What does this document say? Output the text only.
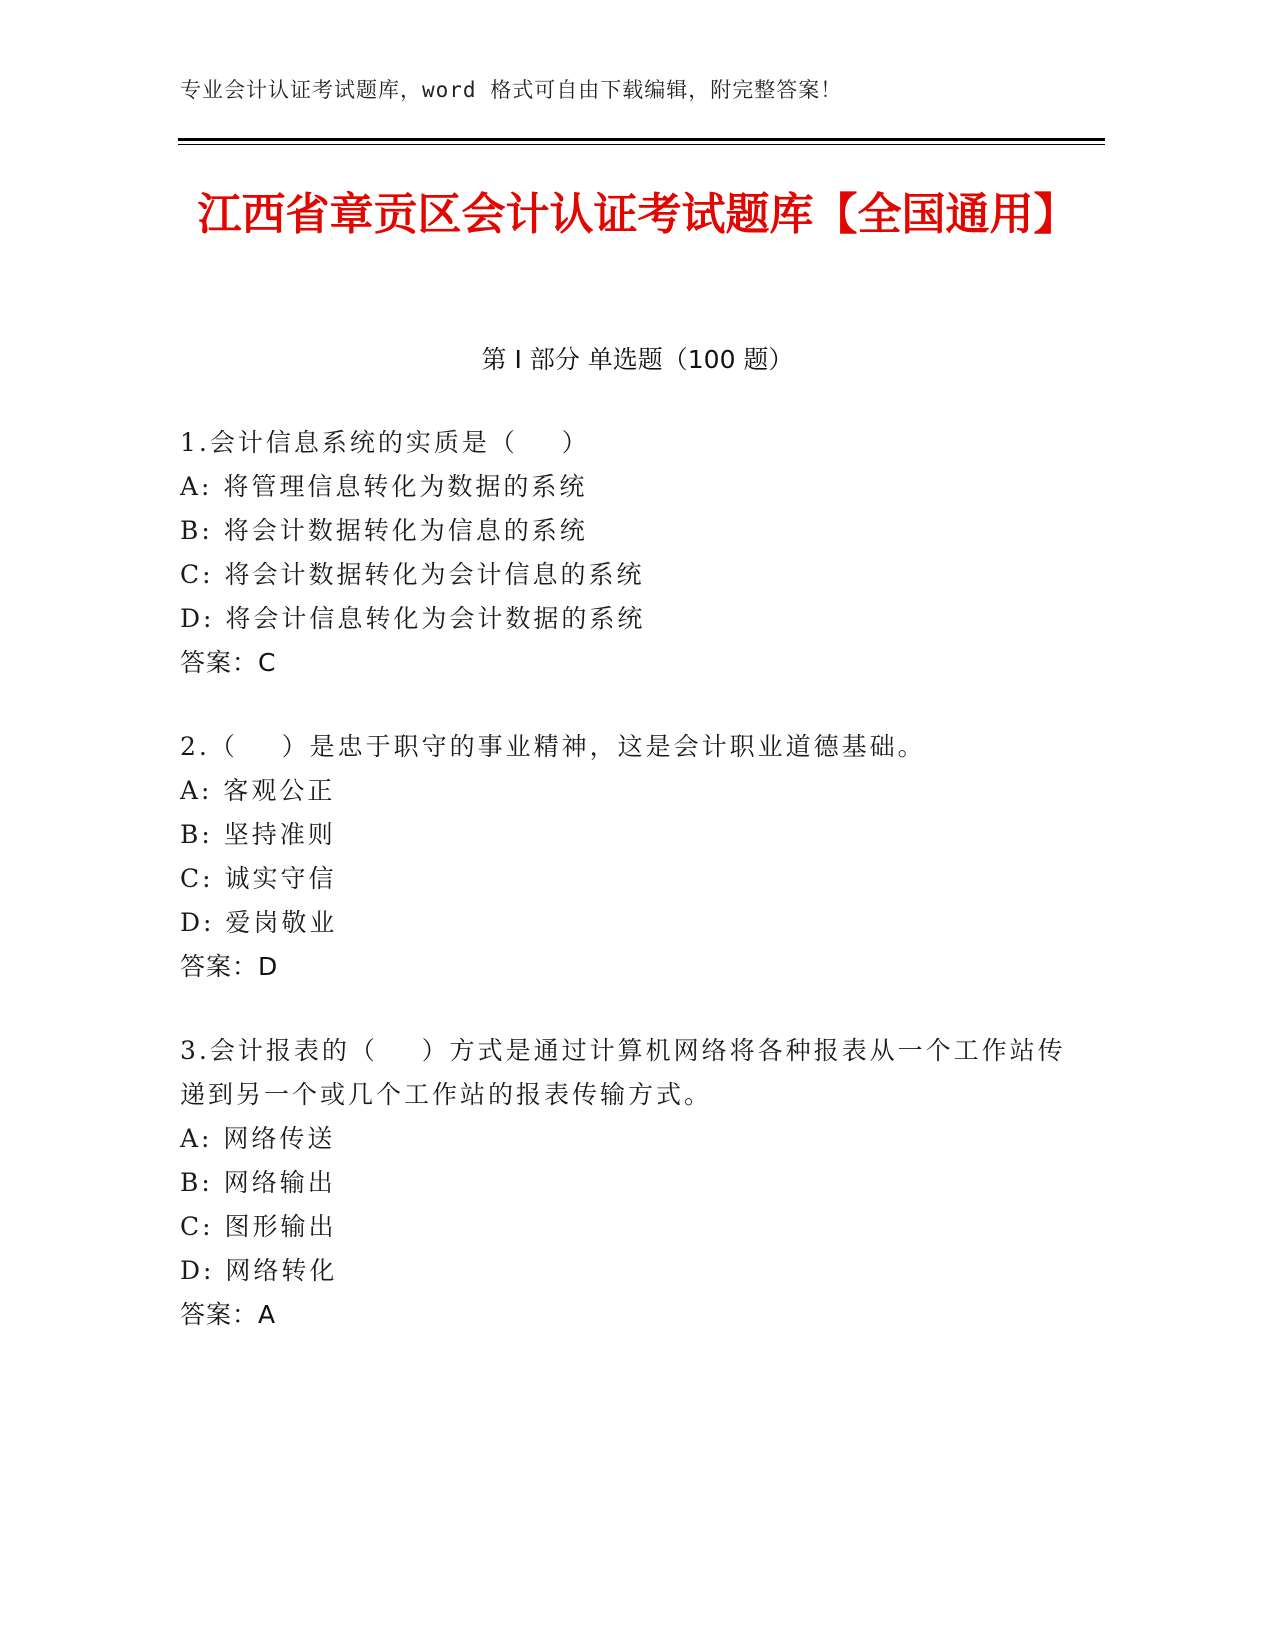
专业会计认证考试题库，word 格式可自由下载编辑，附完整答案！
江西省章贡区会计认证考试题库【全国通用】
第 I 部分 单选题（100 题）
1.会计信息系统的实质是（    ）
A: 将管理信息转化为数据的系统
B: 将会计数据转化为信息的系统
C: 将会计数据转化为会计信息的系统
D: 将会计信息转化为会计数据的系统
答案：C
2.（    ）是忠于职守的事业精神，这是会计职业道德基础。
A: 客观公正
B: 坚持准则
C: 诚实守信
D: 爱岗敬业
答案：D
3.会计报表的（    ）方式是通过计算机网络将各种报表从一个工作站传递到另一个或几个工作站的报表传输方式。
A: 网络传送
B: 网络输出
C: 图形输出
D: 网络转化
答案：A
